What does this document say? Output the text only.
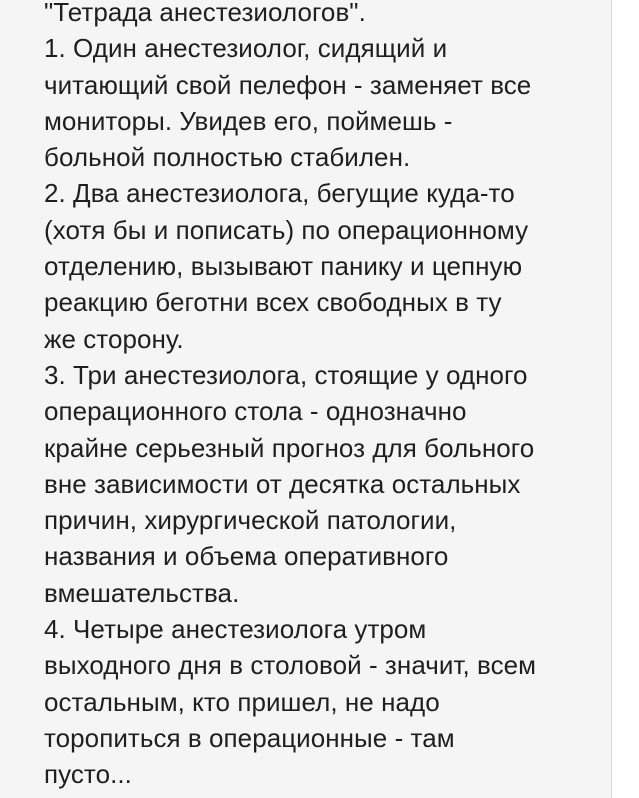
"Тетрада анестезиологов".
1. Один анестезиолог, сидящий и
читающий свой пелефон - заменяет все
мониторы. Увидев его, поймешь -
больной полностью стабилен.
2. Два анестезиолога, бегущие куда-то
(хотя бы и пописать) по операционному
отделению, вызывают панику и цепную
реакцию беготни всех свободных в ту
же сторону.
3. Три анестезиолога, стоящие у одного
операционного стола - однозначно
крайне серьезный прогноз для больного
вне зависимости от десятка остальных
причин, хирургической патологии,
названия и объема оперативного
вмешательства.
4. Четыре анестезиолога утром
выходного дня в столовой - значит, всем
остальным, кто пришел, не надо
торопиться в операционные - там
пусто...
